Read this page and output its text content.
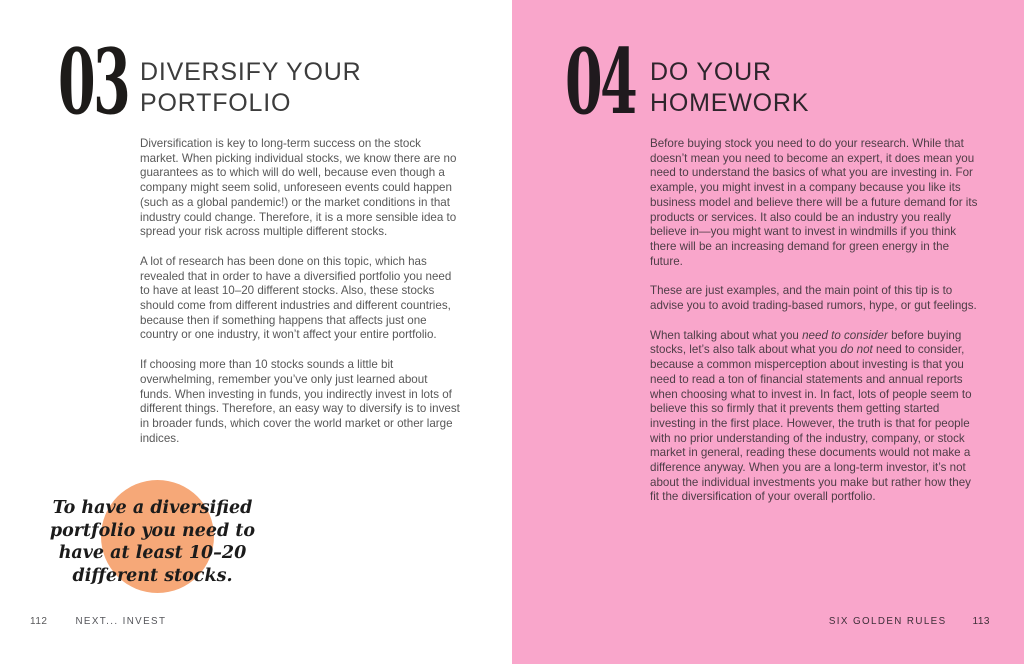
03 DIVERSIFY YOUR
PORTFOLIO

Diversification is key to long-term success on the stock market. When picking individual stocks, we know there are no guarantees as to which will do well, because even though a company might seem solid, unforeseen events could happen (such as a global pandemic!) or the market conditions in that industry could change. Therefore, it is a more sensible idea to spread your risk across multiple different stocks.

A lot of research has been done on this topic, which has revealed that in order to have a diversified portfolio you need to have at least 10–20 different stocks. Also, these stocks should come from different industries and different countries, because then if something happens that affects just one country or one industry, it won’t affect your entire portfolio.

If choosing more than 10 stocks sounds a little bit overwhelming, remember you’ve only just learned about funds. When investing in funds, you indirectly invest in lots of different things. Therefore, an easy way to diversify is to invest in broader funds, which cover the world market or other large indices.

To have a diversified
portfolio you need to
have at least 10–20
different stocks.

112	NEXT... INVEST
04 DO YOUR
HOMEWORK

Before buying stock you need to do your research. While that doesn’t mean you need to become an expert, it does mean you need to understand the basics of what you are investing in. For example, you might invest in a company because you like its business model and believe there will be a future demand for its products or services. It also could be an industry you really believe in—you might want to invest in windmills if you think there will be an increasing demand for green energy in the future.

These are just examples, and the main point of this tip is to advise you to avoid trading-based rumors, hype, or gut feelings.

When talking about what you need to consider before buying stocks, let’s also talk about what you do not need to consider, because a common misperception about investing is that you need to read a ton of financial statements and annual reports when choosing what to invest in. In fact, lots of people seem to believe this so firmly that it prevents them getting started investing in the first place. However, the truth is that for people with no prior understanding of the industry, company, or stock market in general, reading these documents would not make a difference anyway. When you are a long-term investor, it’s not about the individual investments you make but rather how they fit the diversification of your overall portfolio.

SIX GOLDEN RULES	113
